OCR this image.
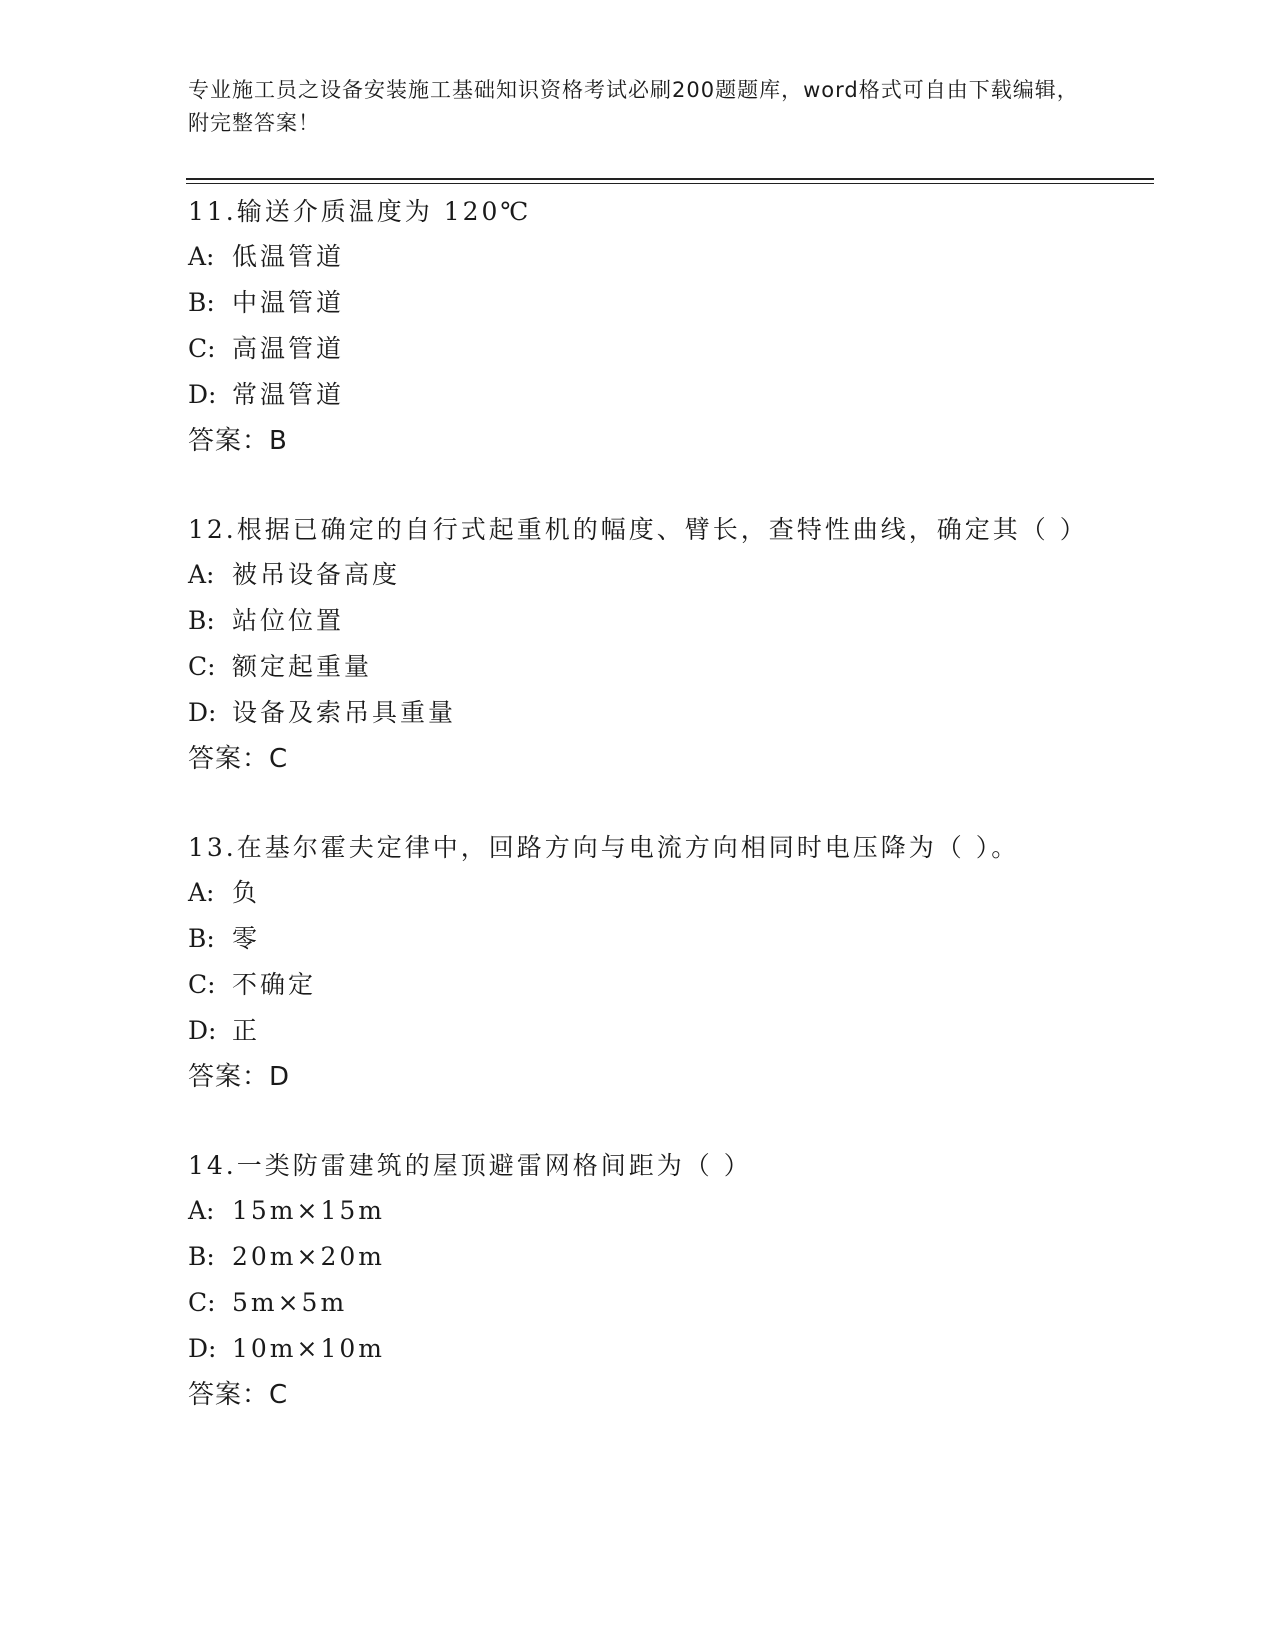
专业施工员之设备安装施工基础知识资格考试必刷200题题库，word格式可自由下载编辑，附完整答案！
11.输送介质温度为 120℃
A: 低温管道
B: 中温管道
C: 高温管道
D: 常温管道
答案：B
12.根据已确定的自行式起重机的幅度、臂长，查特性曲线，确定其（ ）
A: 被吊设备高度
B: 站位位置
C: 额定起重量
D: 设备及索吊具重量
答案：C
13.在基尔霍夫定律中，回路方向与电流方向相同时电压降为（ ）。
A: 负
B: 零
C: 不确定
D: 正
答案：D
14.一类防雷建筑的屋顶避雷网格间距为（ ）
A: 15m×15m
B: 20m×20m
C: 5m×5m
D: 10m×10m
答案：C
